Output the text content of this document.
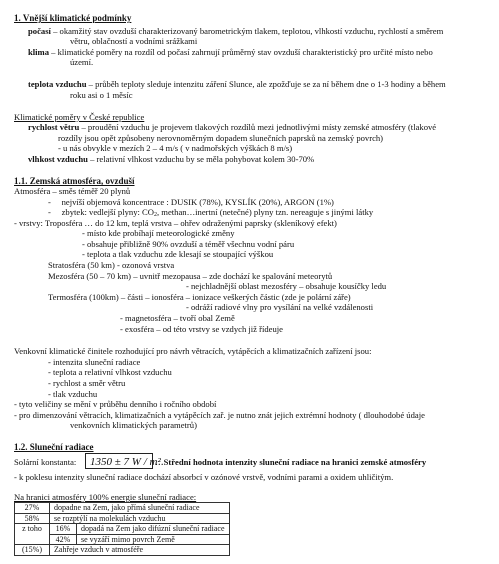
1. Vnější klimatické podmínky
počasí – okamžitý stav ovzduší charakterizovaný barometrickým tlakem, teplotou, vlhkostí vzduchu, rychlostí a směrem
větru, oblačností a vodními srážkami
klima – klimatické poměry na rozdíl od počasí zahrnují průměrný stav ovzduší charakteristický pro určité místo nebo
území.
teplota vzduchu – průběh teploty sleduje intenzitu záření Slunce, ale zpožďuje se za ní během dne o 1-3 hodiny a během
roku asi o 1 měsíc
Klimatické poměry v České republice
rychlost větru – proudění vzduchu je projevem tlakových rozdílů mezi jednotlivými místy zemské atmosféry (tlakové
rozdíly jsou opět způsobeny nerovnoměrným dopadem slunečních paprsků na zemský povrch)
- u nás obvykle v mezích 2 – 4 m/s ( v nadmořských výškách 8 m/s)
vlhkost vzduchu – relativní vlhkost vzduchu by se měla pohybovat kolem 30-70%
1.1. Zemská atmosféra, ovzduší
Atmosféra – směs téměř 20 plynů
-     nejvíší objemová koncentrace : DUSIK (78%), KYSLÍK (20%), ARGON (1%)
-     zbytek: vedlejší plyny: CO2, methan…inertní (netečné) plyny tzn. nereaguje s jinými látky
- vrstvy: Troposféra … do 12 km, teplá vrstva – ohřev odraženými paprsky (skleníkový efekt)
- místo kde probíhají meteorologické změny
- obsahuje přibližně 90% ovzduší a téměř všechnu vodní páru
- teplota a tlak vzduchu zde klesají se stoupající výškou
Stratosféra (50 km) - ozonová vrstva
Mezosféra (50 – 70 km) – uvnitř mezopausa – zde dochází ke spalování meteorytů
- nejchladnější oblast mezosféry – obsahuje kousíčky ledu
Termosféra (100km) – části – ionosféra – ionizace veškerých částic (zde je polární záře)
- odráží radiové vlny pro vysílání na velké vzdálenosti
- magnetosféra – tvoří obal Země
- exosféra – od této vrstvy se vzdych již řídeuje
Venkovní klimatické činitele rozhodující pro návrh větracích, vytápěcích a klimatizačních zařízení jsou:
- intenzita sluneční radiace
- teplota a relativní vlhkost vzduchu
- rychlost a směr větru
- tlak vzduchu
- tyto veličiny se mění v průběhu denního i ročního období
- pro dimenzování větracích, klimatizačních a vytápěcích zař. je nutno znát jejich extrémní hodnoty ( dlouhodobé údaje
venkovních klimatických parametrů)
1.2. Sluneční radiace
Solární konstanta:	1350 ± 7 W / m²
…Střední hodnota intenzity sluneční radiace na hranici zemské atmosféry
- k poklesu intenzity sluneční radiace dochází absorbcí v ozónové vrstvě, vodními parami a oxidem uhličitým.
Na hranici atmosféry 100% energie sluneční radiace:
27%	dopadne na Zem, jako přímá sluneční radiace	
58%	se rozptýlí na molekulách vzduchu	
z toho	16%	dopadá na Zem jako difúzní sluneční radiace
	42%	se vyzáří mimo povrch Země
(15%)	Zahřeje vzduch v atmosféře	
